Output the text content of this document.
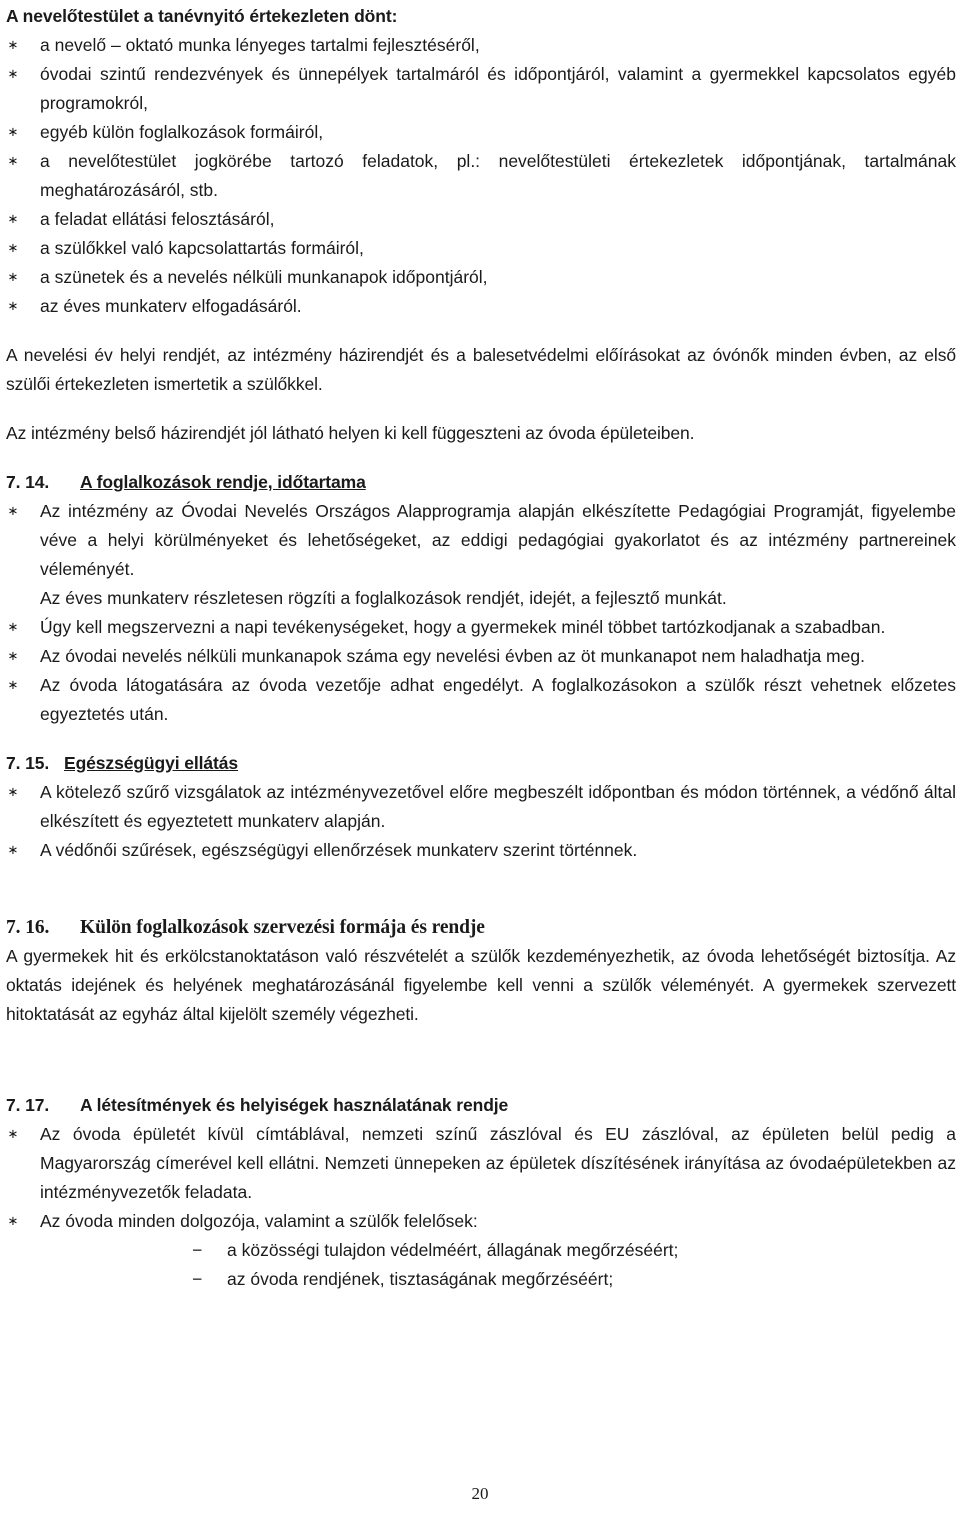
A nevelőtestület a tanévnyitó értekezleten dönt:

∗ a nevelő – oktató munka lényeges tartalmi fejlesztéséről,
∗ óvodai szintű rendezvények és ünnepélyek tartalmáról és időpontjáról, valamint a gyermekkel kapcsolatos egyéb programokról,
∗ egyéb külön foglalkozások formáiról,
∗ a nevelőtestület jogkörébe tartozó feladatok, pl.: nevelőtestületi értekezletek időpontjának, tartalmának meghatározásáról, stb.
∗ a feladat ellátási felosztásáról,
∗ a szülőkkel való kapcsolattartás formáiról,
∗ a szünetek és a nevelés nélküli munkanapok időpontjáról,
∗ az éves munkaterv elfogadásáról.

A nevelési év helyi rendjét, az intézmény házirendjét és a balesetvédelmi előírásokat az óvónők minden évben, az első szülői értekezleten ismertetik a szülőkkel.

Az intézmény belső házirendjét jól látható helyen ki kell függeszteni az óvoda épületeiben.

7. 14. A foglalkozások rendje, időtartama

∗ Az intézmény az Óvodai Nevelés Országos Alapprogramja alapján elkészítette Pedagógiai Programját, figyelembe véve a helyi körülményeket és lehetőségeket, az eddigi pedagógiai gyakorlatot és az intézmény partnereinek véleményét.
Az éves munkaterv részletesen rögzíti a foglalkozások rendjét, idejét, a fejlesztő munkát.
∗ Úgy kell megszervezni a napi tevékenységeket, hogy a gyermekek minél többet tartózkodjanak a szabadban.
∗ Az óvodai nevelés nélküli munkanapok száma egy nevelési évben az öt munkanapot nem haladhatja meg.
∗ Az óvoda látogatására az óvoda vezetője adhat engedélyt. A foglalkozásokon a szülők részt vehetnek előzetes egyeztetés után.

7. 15. Egészségügyi ellátás

∗ A kötelező szűrő vizsgálatok az intézményvezetővel előre megbeszélt időpontban és módon történnek, a védőnő által elkészített és egyeztetett munkaterv alapján.
∗ A védőnői szűrések, egészségügyi ellenőrzések munkaterv szerint történnek.

7. 16. Külön foglalkozások szervezési formája és rendje

A gyermekek hit és erkölcstanoktatáson való részvételét a szülők kezdeményezhetik, az óvoda lehetőségét biztosítja. Az oktatás idejének és helyének meghatározásánál figyelembe kell venni a szülők véleményét. A gyermekek szervezett hitoktatását az egyház által kijelölt személy végezheti.

7. 17. A létesítmények és helyiségek használatának rendje

∗ Az óvoda épületét kívül címtáblával, nemzeti színű zászlóval és EU zászlóval, az épületen belül pedig a Magyarország címerével kell ellátni. Nemzeti ünnepeken az épületek díszítésének irányítása az óvodaépületekben az intézményvezetők feladata.
∗ Az óvoda minden dolgozója, valamint a szülők felelősek:
− a közösségi tulajdon védelméért, állagának megőrzéséért;
− az óvoda rendjének, tisztaságának megőrzéséért;
20
